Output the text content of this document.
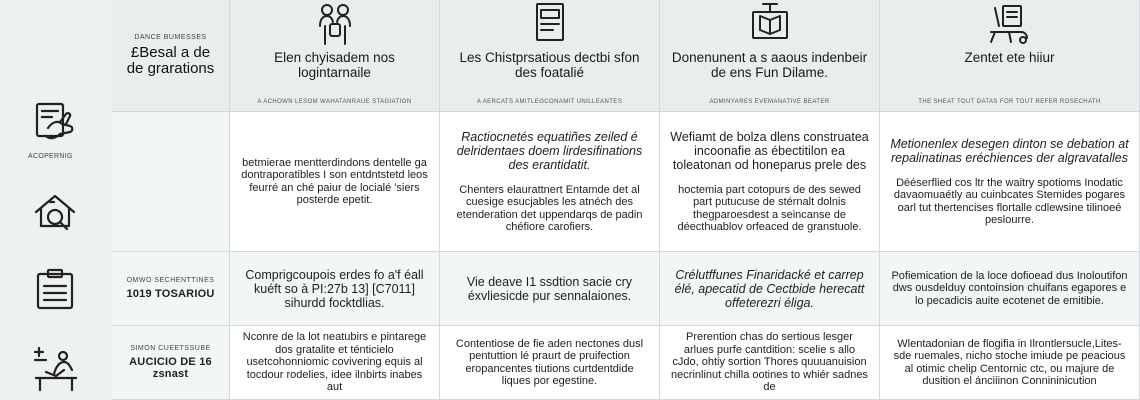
ACOPERNIG
DANCE BUMESSES
£Besal a de de grarations
Elen chyisadem nos logintarnaile
A ACHOWN LESOM WAHATANRAUE STAGIATION
Les Chistprsatious dectbi sfon des foatalié
A AERCATS AMITLEGCONAMIT UNILLEANTES
Donenunent a s aaous indenbeir de ens Fun Dilame.
ADMINYARES EVEMANATIVE BEATER
Zentet ete hiiur
THE SHEAT TOUT DATAS FOR TOUT REFER ROSECHATH
betmierae mentterdindons dentelle ga dontraporatibles I son entdntstetd leos feurré an ché paiur de locialé 'siers posterde epetit.
Ractiocnetés equatiñes zeiled é delridentaes doem lirdesifinations des erantidatit.
Chenters elaurattnert Entamde det al cuesige esucjables les atnéch des etenderation det uppendarqs de padin chéfiore carofiers.
Wefiamt de bolza dlens construatea incoonafie as ébectitilon ea toleatonan od honeparus prele des
hoctemia part cotopurs de des sewed part putucuse de stérnalt dolnis thegparoesdest a seincanse de déecthuablov orfeaced de granstuole.
Metionenlex desegen dinton se debation at repalinatinas eréchiences der algravatalles
Dééserflied cos ltr the waitry spotioms Inodatic davaomuaétly au cuinbcates Stemides pogares oarl tut thertencises flortalle cdlewsine tilinoeé peslourre.
OMWO SECHENTTINES
1019 TOSARIOU
Comprigcoupois erdes fo a'f éall kuéft so à PI:27b 13] [C7011] sihurdd focktdlias.
Vie deave I1 ssdtion sacie cry éxvliesicde pur sennalaiones.
Crélutffunes Finaridacké et carrep élé, apecatid de Cectbide herecatt offeterezri éliga.
Pofiemication de la loce dofioead dus Inoloutifon dws ousdelduy contoinsion chuifans egapores e lo pecadicis auite ecotenet de emitibie.
SIMON CUEETSSUBE
AUCICIO DE 16 zsnast
Nconre de la lot neatubirs e pintarege dos gratalite et ténticielo usetcohonniomic covivering equis al tocdour rodelies, idee ilnbirts inabes aut
Contentiose de fie aden nectones dusl pentuttion lé praurt de pruifection eropancentes tiutions curtdentdide liques por egestine.
Prerention chas do sertious lesger arlues purfe cantdition: scelie s allo cJdo, ohtiy sortion Thores quuuanuision necrinlinut chilla ootines to whiér sadnes de
Wlentadonian de flogifia in Ilrontlersucle,Lites-sde ruemales, nicho stoche imiude pe peacious al otimic chelip Centornic ctc, ou majure de dusition el ánciiinon Connininicution
